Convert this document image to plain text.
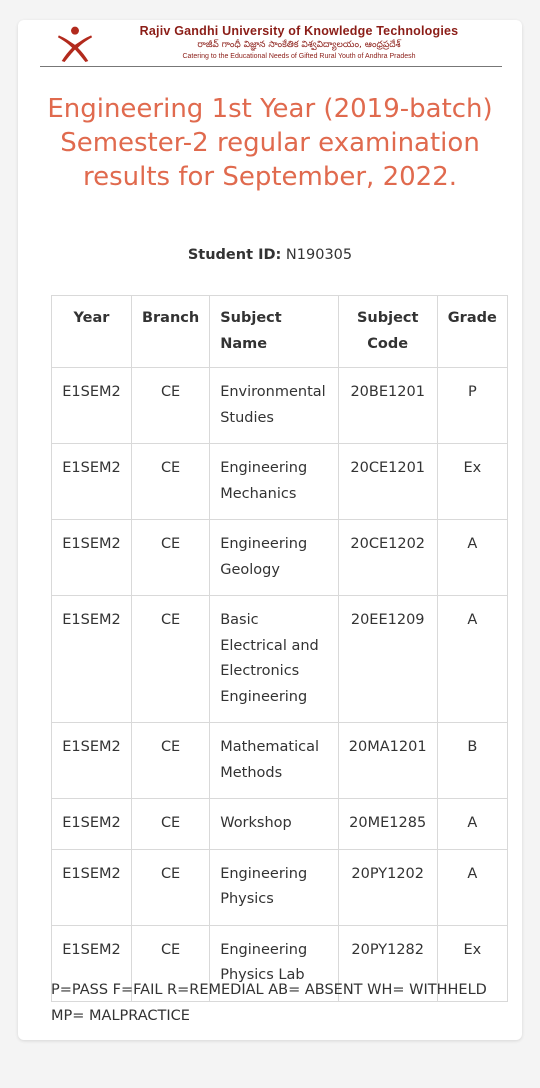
Rajiv Gandhi University of Knowledge Technologies
రాజీవ్ గాంధీ విజ్ఞాన సాంకేతిక విశ్వవిద్యాలయం, ఆంధ్రప్రదేశ్
Catering to the Educational Needs of Gifted Rural Youth of Andhra Pradesh
Engineering 1st Year (2019-batch) Semester-2 regular examination results for September, 2022.
Student ID: N190305
Year	Branch	Subject Name	Subject Code	Grade
E1SEM2	CE	Environmental Studies	20BE1201	P
E1SEM2	CE	Engineering Mechanics	20CE1201	Ex
E1SEM2	CE	Engineering Geology	20CE1202	A
E1SEM2	CE	Basic Electrical and Electronics Engineering	20EE1209	A
E1SEM2	CE	Mathematical Methods	20MA1201	B
E1SEM2	CE	Workshop	20ME1285	A
E1SEM2	CE	Engineering Physics	20PY1202	A
E1SEM2	CE	Engineering Physics Lab	20PY1282	Ex
P=PASS F=FAIL R=REMEDIAL AB= ABSENT WH= WITHHELD MP= MALPRACTICE
